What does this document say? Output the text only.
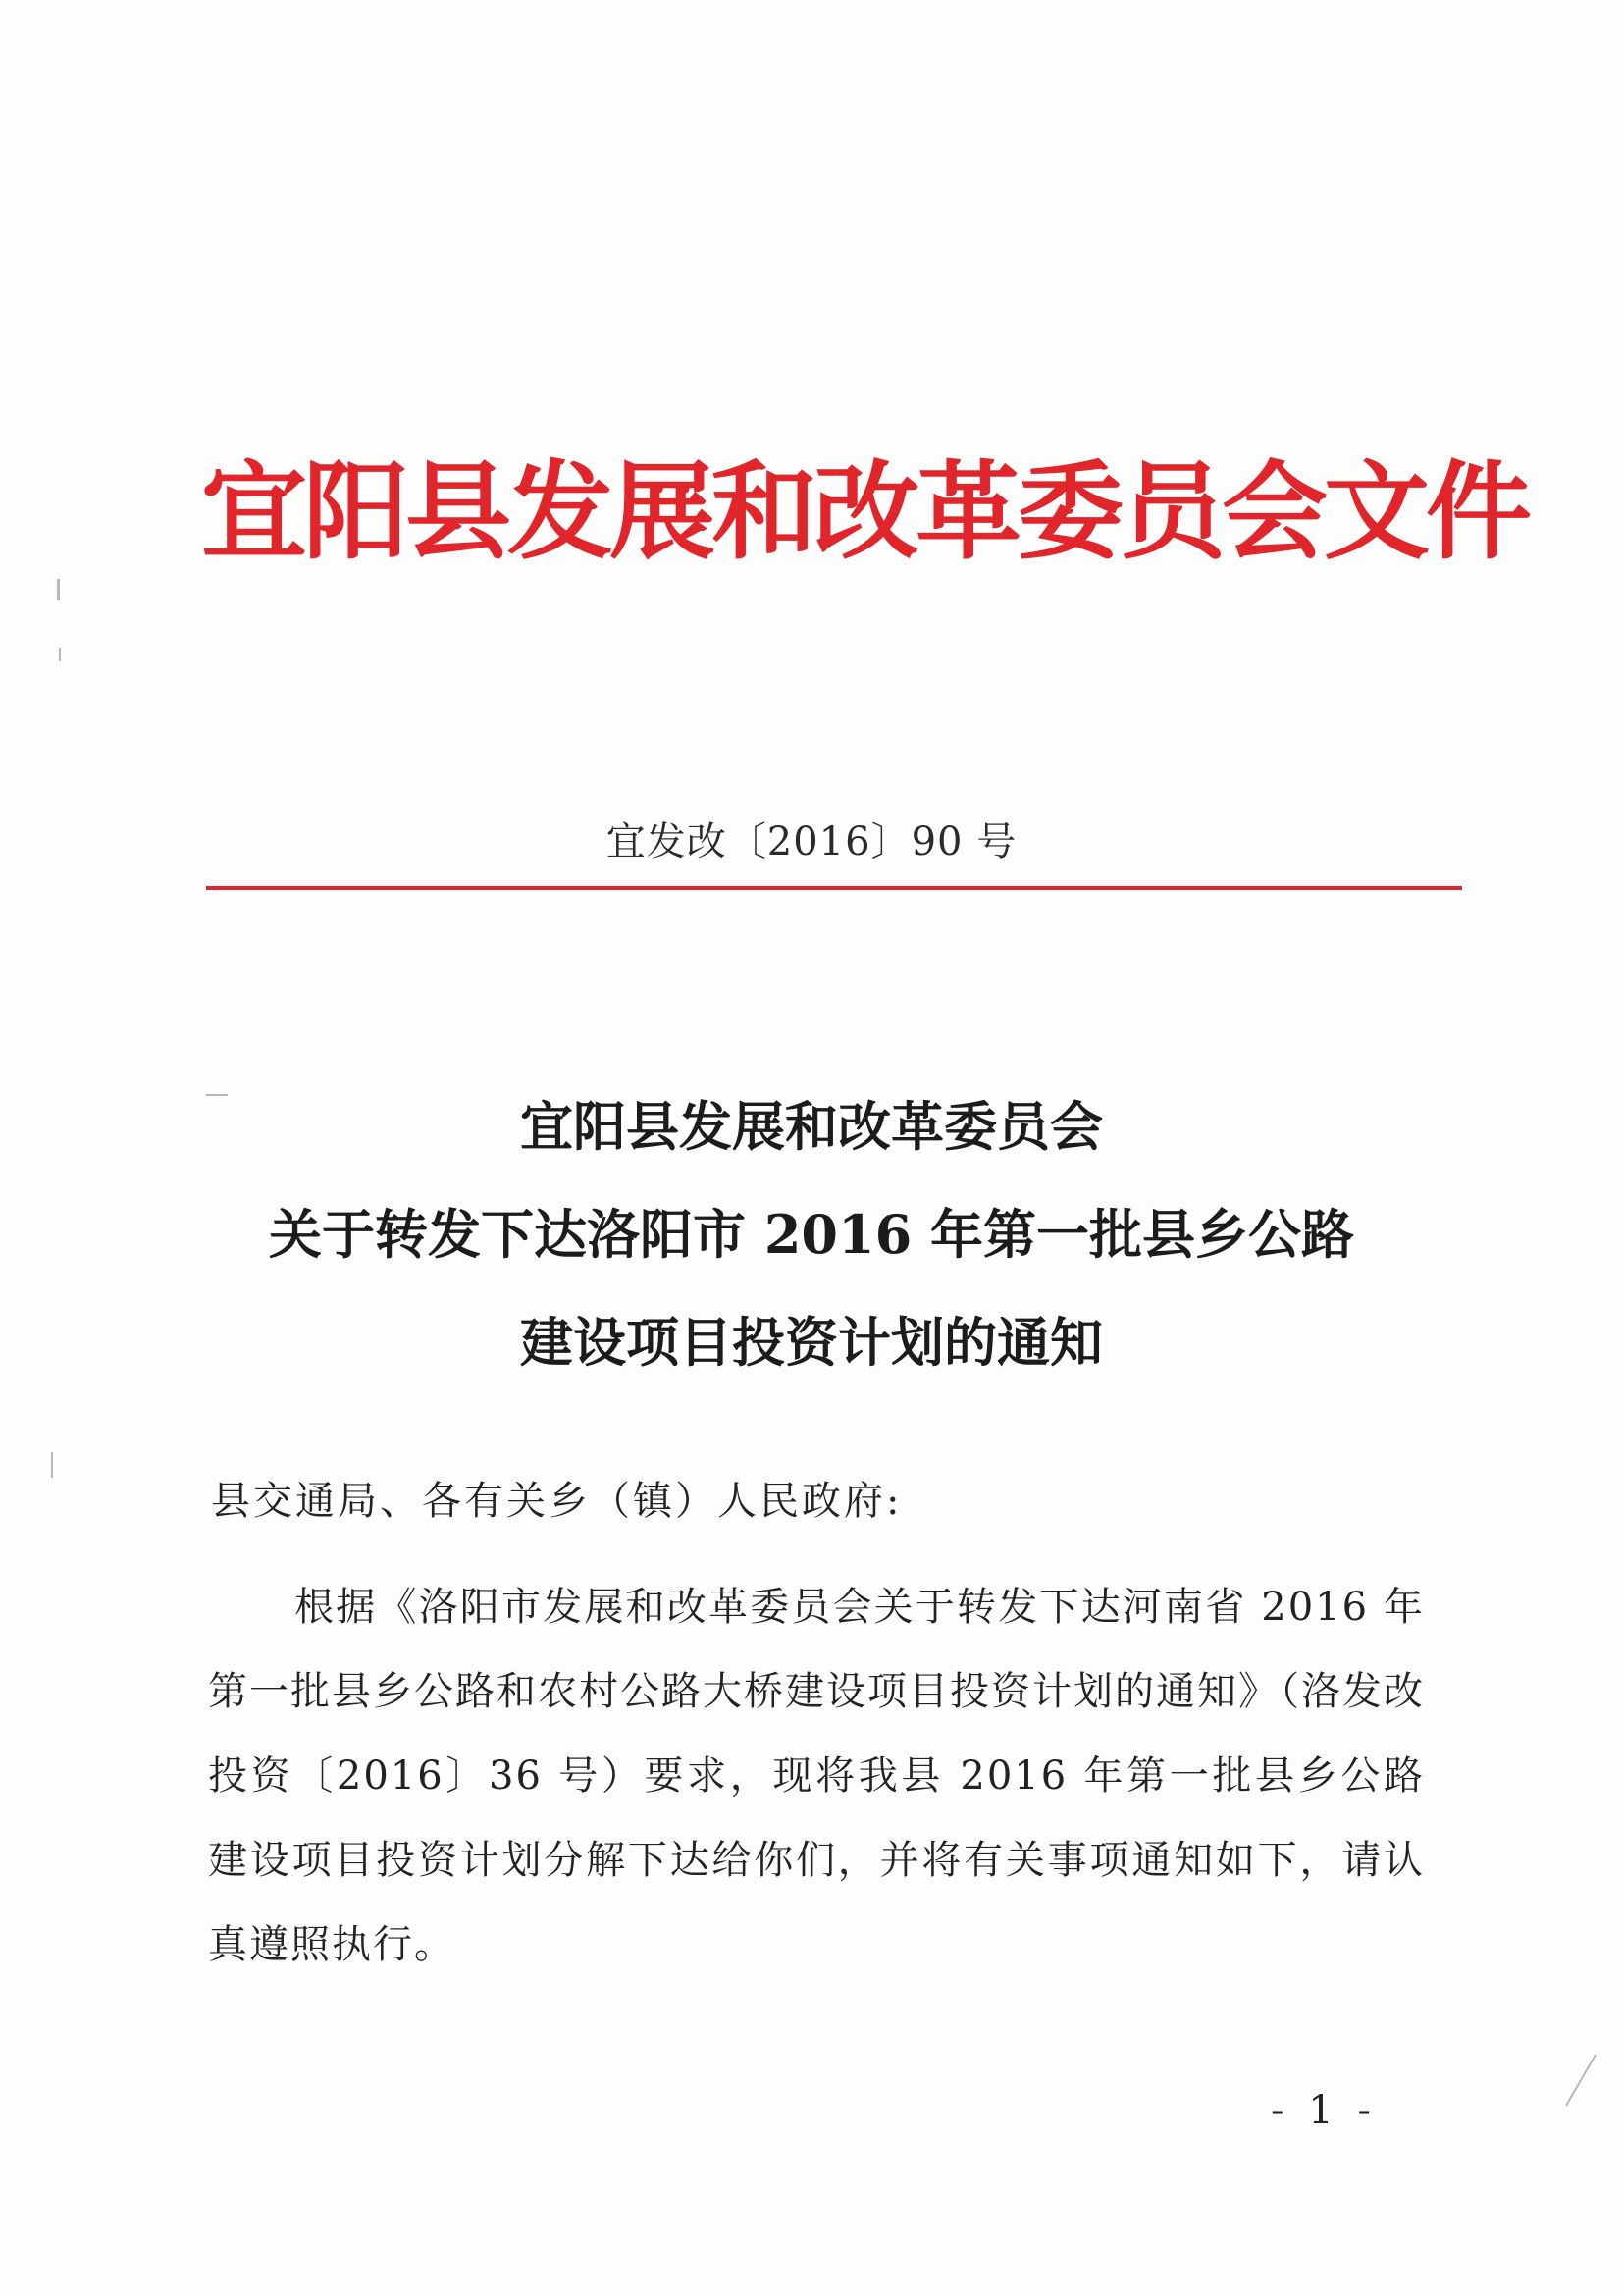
宜阳县发展和改革委员会文件
宜发改〔2016〕90 号
宜阳县发展和改革委员会
关于转发下达洛阳市 2016 年第一批县乡公路
建设项目投资计划的通知
县交通局、各有关乡（镇）人民政府:
根据《洛阳市发展和改革委员会关于转发下达河南省 2016 年第一批县乡公路和农村公路大桥建设项目投资计划的通知》（洛发改投资〔2016〕36 号）要求，现将我县 2016 年第一批县乡公路建设项目投资计划分解下达给你们，并将有关事项通知如下，请认真遵照执行。
- 1 -
